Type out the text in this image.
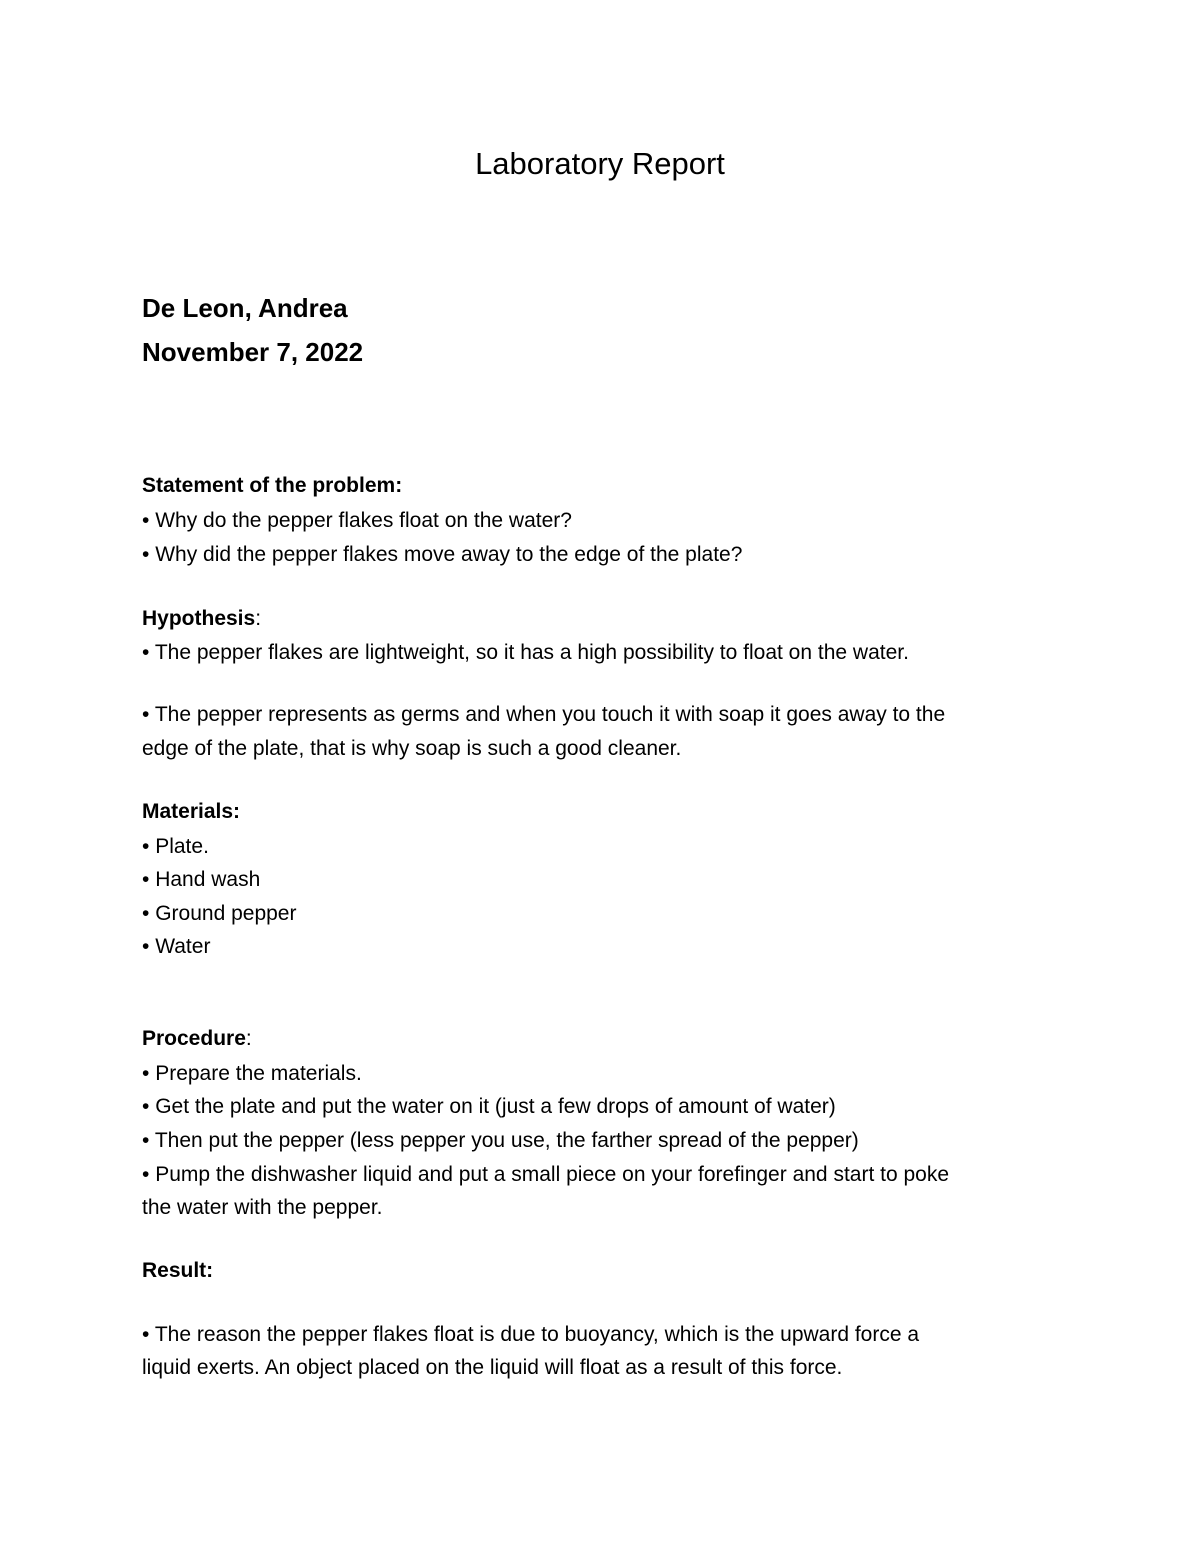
Laboratory Report

De Leon, Andrea

November 7, 2022

Statement of the problem:

• Why do the pepper flakes float on the water?

• Why did the pepper flakes move away to the edge of the plate?

Hypothesis:

• The pepper flakes are lightweight, so it has a high possibility to float on the water.

• The pepper represents as germs and when you touch it with soap it goes away to the

edge of the plate, that is why soap is such a good cleaner.

Materials:

• Plate.

• Hand wash

• Ground pepper

• Water

Procedure:

• Prepare the materials.

• Get the plate and put the water on it (just a few drops of amount of water)

• Then put the pepper (less pepper you use, the farther spread of the pepper)

• Pump the dishwasher liquid and put a small piece on your forefinger and start to poke

the water with the pepper.

Result:

• The reason the pepper flakes float is due to buoyancy, which is the upward force a

liquid exerts. An object placed on the liquid will float as a result of this force.
